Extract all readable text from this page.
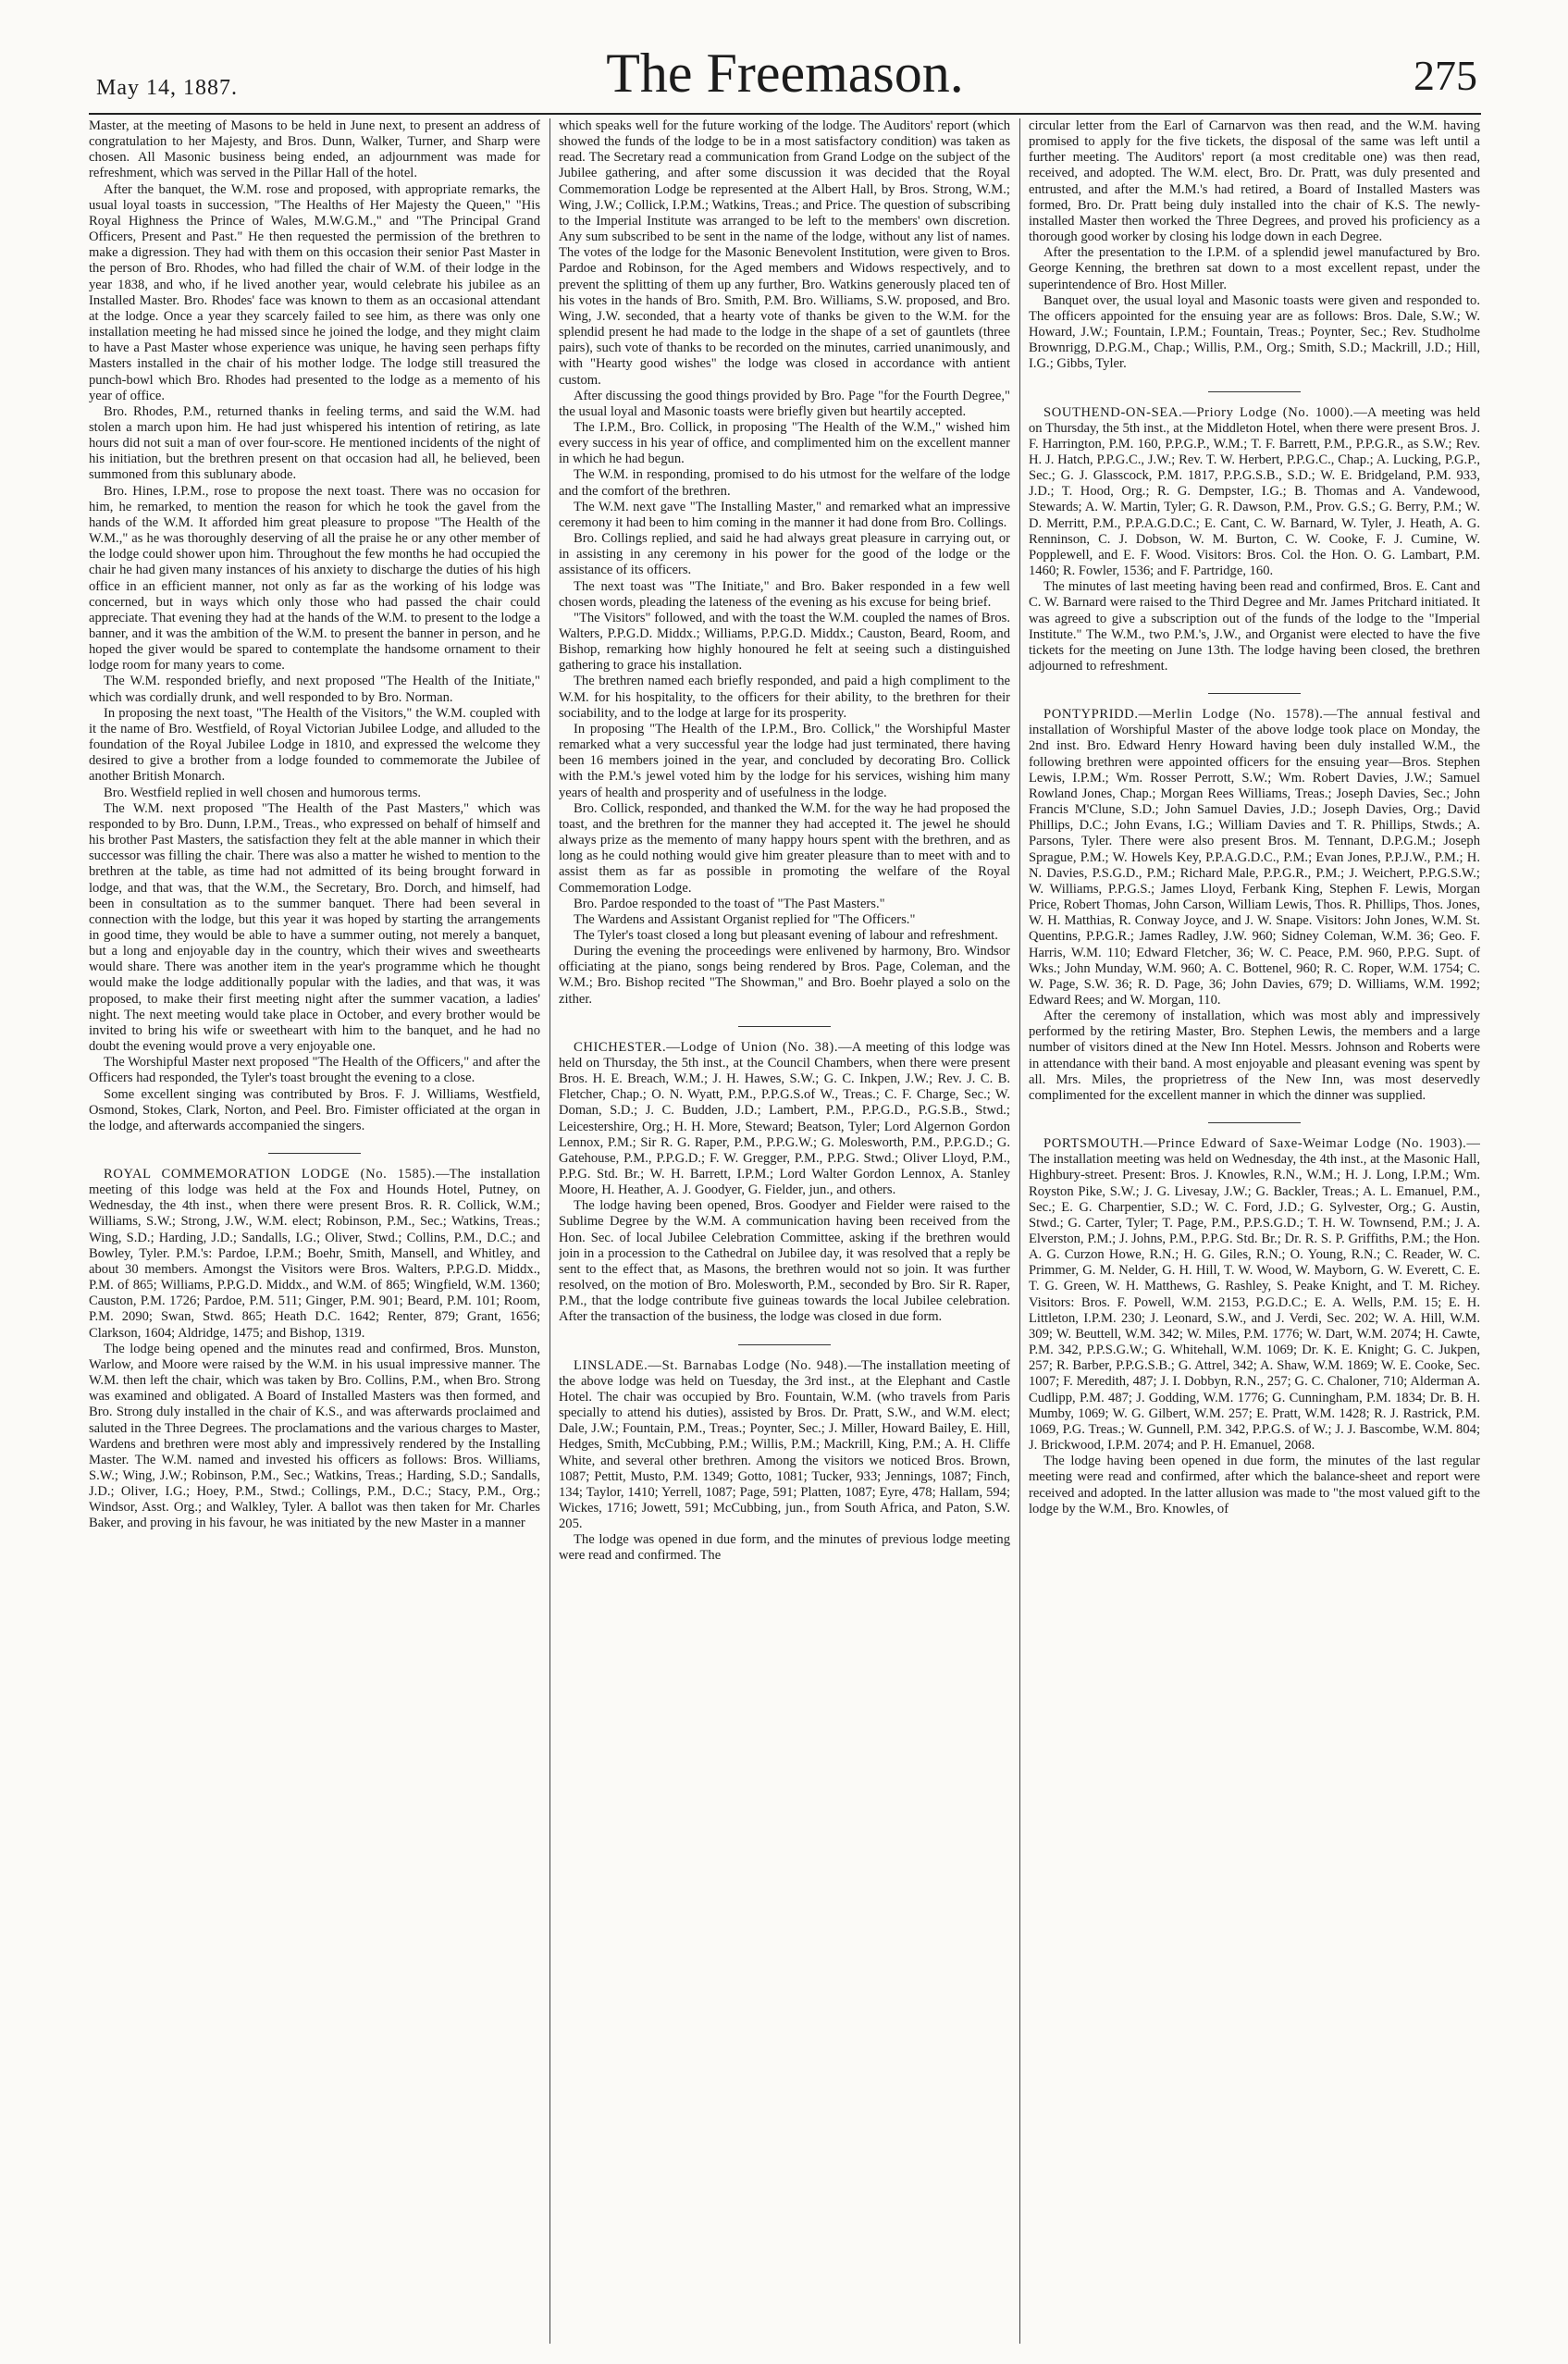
May 14, 1887.	The Freemason.	275

Master, at the meeting of Masons to be held in June next, to present an address of congratulation to her Majesty, and Bros. Dunn, Walker, Turner, and Sharp were chosen. All Masonic business being ended, an adjournment was made for refreshment, which was served in the Pillar Hall of the hotel.

After the banquet, the W.M. rose and proposed, with appropriate remarks, the usual loyal toasts in succession, "The Healths of Her Majesty the Queen," "His Royal Highness the Prince of Wales, M.W.G.M.," and "The Principal Grand Officers, Present and Past." He then requested the permission of the brethren to make a digression. They had with them on this occasion their senior Past Master in the person of Bro. Rhodes, who had filled the chair of W.M. of their lodge in the year 1838, and who, if he lived another year, would celebrate his jubilee as an Installed Master. Bro. Rhodes' face was known to them as an occasional attendant at the lodge. Once a year they scarcely failed to see him, as there was only one installation meeting he had missed since he joined the lodge, and they might claim to have a Past Master whose experience was unique, he having seen perhaps fifty Masters installed in the chair of his mother lodge. The lodge still treasured the punch-bowl which Bro. Rhodes had presented to the lodge as a memento of his year of office.

Bro. Rhodes, P.M., returned thanks in feeling terms, and said the W.M. had stolen a march upon him. He had just whispered his intention of retiring, as late hours did not suit a man of over four-score. He mentioned incidents of the night of his initiation, but the brethren present on that occasion had all, he believed, been summoned from this sublunary abode.

Bro. Hines, I.P.M., rose to propose the next toast. There was no occasion for him, he remarked, to mention the reason for which he took the gavel from the hands of the W.M. It afforded him great pleasure to propose "The Health of the W.M.," as he was thoroughly deserving of all the praise he or any other member of the lodge could shower upon him. Throughout the few months he had occupied the chair he had given many instances of his anxiety to discharge the duties of his high office in an efficient manner, not only as far as the working of his lodge was concerned, but in ways which only those who had passed the chair could appreciate. That evening they had at the hands of the W.M. to present to the lodge a banner, and it was the ambition of the W.M. to present the banner in person, and he hoped the giver would be spared to contemplate the handsome ornament to their lodge room for many years to come.

The W.M. responded briefly, and next proposed "The Health of the Initiate," which was cordially drunk, and well responded to by Bro. Norman.

In proposing the next toast, "The Health of the Visitors," the W.M. coupled with it the name of Bro. Westfield, of Royal Victorian Jubilee Lodge, and alluded to the foundation of the Royal Jubilee Lodge in 1810, and expressed the welcome they desired to give a brother from a lodge founded to commemorate the Jubilee of another British Monarch.

Bro. Westfield replied in well chosen and humorous terms.

The W.M. next proposed "The Health of the Past Masters," which was responded to by Bro. Dunn, I.P.M., Treas., who expressed on behalf of himself and his brother Past Masters, the satisfaction they felt at the able manner in which their successor was filling the chair. There was also a matter he wished to mention to the brethren at the table, as time had not admitted of its being brought forward in lodge, and that was, that the W.M., the Secretary, Bro. Dorch, and himself, had been in consultation as to the summer banquet. There had been several in connection with the lodge, but this year it was hoped by starting the arrangements in good time, they would be able to have a summer outing, not merely a banquet, but a long and enjoyable day in the country, which their wives and sweethearts would share. There was another item in the year's programme which he thought would make the lodge additionally popular with the ladies, and that was, it was proposed, to make their first meeting night after the summer vacation, a ladies' night. The next meeting would take place in October, and every brother would be invited to bring his wife or sweetheart with him to the banquet, and he had no doubt the evening would prove a very enjoyable one.

The Worshipful Master next proposed "The Health of the Officers," and after the Officers had responded, the Tyler's toast brought the evening to a close.

Some excellent singing was contributed by Bros. F. J. Williams, Westfield, Osmond, Stokes, Clark, Norton, and Peel. Bro. Fimister officiated at the organ in the lodge, and afterwards accompanied the singers.

ROYAL COMMEMORATION LODGE (No. 1585).—The installation meeting of this lodge was held at the Fox and Hounds Hotel, Putney, on Wednesday, the 4th inst., when there were present Bros. R. R. Collick, W.M.; Williams, S.W.; Strong, J.W., W.M. elect; Robinson, P.M., Sec.; Watkins, Treas.; Wing, S.D.; Harding, J.D.; Sandalls, I.G.; Oliver, Stwd.; Collins, P.M., D.C.; and Bowley, Tyler. P.M.'s: Pardoe, I.P.M.; Boehr, Smith, Mansell, and Whitley, and about 30 members. Amongst the Visitors were Bros. Walters, P.P.G.D. Middx., P.M. of 865; Williams, P.P.G.D. Middx., and W.M. of 865; Wingfield, W.M. 1360; Causton, P.M. 1726; Pardoe, P.M. 511; Ginger, P.M. 901; Beard, P.M. 101; Room, P.M. 2090; Swan, Stwd. 865; Heath D.C. 1642; Renter, 879; Grant, 1656; Clarkson, 1604; Aldridge, 1475; and Bishop, 1319.

The lodge being opened and the minutes read and confirmed, Bros. Munston, Warlow, and Moore were raised by the W.M. in his usual impressive manner. The W.M. then left the chair, which was taken by Bro. Collins, P.M., when Bro. Strong was examined and obligated. A Board of Installed Masters was then formed, and Bro. Strong duly installed in the chair of K.S., and was afterwards proclaimed and saluted in the Three Degrees. The proclamations and the various charges to Master, Wardens and brethren were most ably and impressively rendered by the Installing Master. The W.M. named and invested his officers as follows: Bros. Williams, S.W.; Wing, J.W.; Robinson, P.M., Sec.; Watkins, Treas.; Harding, S.D.; Sandalls, J.D.; Oliver, I.G.; Hoey, P.M., Stwd.; Collings, P.M., D.C.; Stacy, P.M., Org.; Windsor, Asst. Org.; and Walkley, Tyler. A ballot was then taken for Mr. Charles Baker, and proving in his favour, he was initiated by the new Master in a manner

which speaks well for the future working of the lodge. The Auditors' report (which showed the funds of the lodge to be in a most satisfactory condition) was taken as read. The Secretary read a communication from Grand Lodge on the subject of the Jubilee gathering, and after some discussion it was decided that the Royal Commemoration Lodge be represented at the Albert Hall, by Bros. Strong, W.M.; Wing, J.W.; Collick, I.P.M.; Watkins, Treas.; and Price. The question of subscribing to the Imperial Institute was arranged to be left to the members' own discretion. Any sum subscribed to be sent in the name of the lodge, without any list of names. The votes of the lodge for the Masonic Benevolent Institution, were given to Bros. Pardoe and Robinson, for the Aged members and Widows respectively, and to prevent the splitting of them up any further, Bro. Watkins generously placed ten of his votes in the hands of Bro. Smith, P.M. Bro. Williams, S.W. proposed, and Bro. Wing, J.W. seconded, that a hearty vote of thanks be given to the W.M. for the splendid present he had made to the lodge in the shape of a set of gauntlets (three pairs), such vote of thanks to be recorded on the minutes, carried unanimously, and with "Hearty good wishes" the lodge was closed in accordance with antient custom.

After discussing the good things provided by Bro. Page "for the Fourth Degree," the usual loyal and Masonic toasts were briefly given but heartily accepted.

The I.P.M., Bro. Collick, in proposing "The Health of the W.M.," wished him every success in his year of office, and complimented him on the excellent manner in which he had begun.

The W.M. in responding, promised to do his utmost for the welfare of the lodge and the comfort of the brethren.

The W.M. next gave "The Installing Master," and remarked what an impressive ceremony it had been to him coming in the manner it had done from Bro. Collings.

Bro. Collings replied, and said he had always great pleasure in carrying out, or in assisting in any ceremony in his power for the good of the lodge or the assistance of its officers.

The next toast was "The Initiate," and Bro. Baker responded in a few well chosen words, pleading the lateness of the evening as his excuse for being brief.

"The Visitors" followed, and with the toast the W.M. coupled the names of Bros. Walters, P.P.G.D. Middx.; Williams, P.P.G.D. Middx.; Causton, Beard, Room, and Bishop, remarking how highly honoured he felt at seeing such a distinguished gathering to grace his installation.

The brethren named each briefly responded, and paid a high compliment to the W.M. for his hospitality, to the officers for their ability, to the brethren for their sociability, and to the lodge at large for its prosperity.

In proposing "The Health of the I.P.M., Bro. Collick," the Worshipful Master remarked what a very successful year the lodge had just terminated, there having been 16 members joined in the year, and concluded by decorating Bro. Collick with the P.M.'s jewel voted him by the lodge for his services, wishing him many years of health and prosperity and of usefulness in the lodge.

Bro. Collick, responded, and thanked the W.M. for the way he had proposed the toast, and the brethren for the manner they had accepted it. The jewel he should always prize as the memento of many happy hours spent with the brethren, and as long as he could nothing would give him greater pleasure than to meet with and to assist them as far as possible in promoting the welfare of the Royal Commemoration Lodge.

Bro. Pardoe responded to the toast of "The Past Masters."

The Wardens and Assistant Organist replied for "The Officers."

The Tyler's toast closed a long but pleasant evening of labour and refreshment.

During the evening the proceedings were enlivened by harmony, Bro. Windsor officiating at the piano, songs being rendered by Bros. Page, Coleman, and the W.M.; Bro. Bishop recited "The Showman," and Bro. Boehr played a solo on the zither.

CHICHESTER.—Lodge of Union (No. 38).—A meeting of this lodge was held on Thursday, the 5th inst., at the Council Chambers, when there were present Bros. H. E. Breach, W.M.; J. H. Hawes, S.W.; G. C. Inkpen, J.W.; Rev. J. C. B. Fletcher, Chap.; O. N. Wyatt, P.M., P.P.G.S.of W., Treas.; C. F. Charge, Sec.; W. Doman, S.D.; J. C. Budden, J.D.; Lambert, P.M., P.P.G.D., P.G.S.B., Stwd.; Leicestershire, Org.; H. H. More, Steward; Beatson, Tyler; Lord Algernon Gordon Lennox, P.M.; Sir R. G. Raper, P.M., P.P.G.W.; G. Molesworth, P.M., P.P.G.D.; G. Gatehouse, P.M., P.P.G.D.; F. W. Gregger, P.M., P.P.G. Stwd.; Oliver Lloyd, P.M., P.P.G. Std. Br.; W. H. Barrett, I.P.M.; Lord Walter Gordon Lennox, A. Stanley Moore, H. Heather, A. J. Goodyer, G. Fielder, jun., and others.

The lodge having been opened, Bros. Goodyer and Fielder were raised to the Sublime Degree by the W.M. A communication having been received from the Hon. Sec. of local Jubilee Celebration Committee, asking if the brethren would join in a procession to the Cathedral on Jubilee day, it was resolved that a reply be sent to the effect that, as Masons, the brethren would not so join. It was further resolved, on the motion of Bro. Molesworth, P.M., seconded by Bro. Sir R. Raper, P.M., that the lodge contribute five guineas towards the local Jubilee celebration. After the transaction of the business, the lodge was closed in due form.

LINSLADE.—St. Barnabas Lodge (No. 948).—The installation meeting of the above lodge was held on Tuesday, the 3rd inst., at the Elephant and Castle Hotel. The chair was occupied by Bro. Fountain, W.M. (who travels from Paris specially to attend his duties), assisted by Bros. Dr. Pratt, S.W., and W.M. elect; Dale, J.W.; Fountain, P.M., Treas.; Poynter, Sec.; J. Miller, Howard Bailey, E. Hill, Hedges, Smith, McCubbing, P.M.; Willis, P.M.; Mackrill, King, P.M.; A. H. Cliffe White, and several other brethren. Among the visitors we noticed Bros. Brown, 1087; Pettit, Musto, P.M. 1349; Gotto, 1081; Tucker, 933; Jennings, 1087; Finch, 134; Taylor, 1410; Yerrell, 1087; Page, 591; Platten, 1087; Eyre, 478; Hallam, 594; Wickes, 1716; Jowett, 591; McCubbing, jun., from South Africa, and Paton, S.W. 205.

The lodge was opened in due form, and the minutes of previous lodge meeting were read and confirmed. The

circular letter from the Earl of Carnarvon was then read, and the W.M. having promised to apply for the five tickets, the disposal of the same was left until a further meeting. The Auditors' report (a most creditable one) was then read, received, and adopted. The W.M. elect, Bro. Dr. Pratt, was duly presented and entrusted, and after the M.M.'s had retired, a Board of Installed Masters was formed, Bro. Dr. Pratt being duly installed into the chair of K.S. The newly-installed Master then worked the Three Degrees, and proved his proficiency as a thorough good worker by closing his lodge down in each Degree.

After the presentation to the I.P.M. of a splendid jewel manufactured by Bro. George Kenning, the brethren sat down to a most excellent repast, under the superintendence of Bro. Host Miller.

Banquet over, the usual loyal and Masonic toasts were given and responded to. The officers appointed for the ensuing year are as follows: Bros. Dale, S.W.; W. Howard, J.W.; Fountain, I.P.M.; Fountain, Treas.; Poynter, Sec.; Rev. Studholme Brownrigg, D.P.G.M., Chap.; Willis, P.M., Org.; Smith, S.D.; Mackrill, J.D.; Hill, I.G.; Gibbs, Tyler.

SOUTHEND-ON-SEA.—Priory Lodge (No. 1000).—A meeting was held on Thursday, the 5th inst., at the Middleton Hotel, when there were present Bros. J. F. Harrington, P.M. 160, P.P.G.P., W.M.; T. F. Barrett, P.M., P.P.G.R., as S.W.; Rev. H. J. Hatch, P.P.G.C., J.W.; Rev. T. W. Herbert, P.P.G.C., Chap.; A. Lucking, P.G.P., Sec.; G. J. Glasscock, P.M. 1817, P.P.G.S.B., S.D.; W. E. Bridgeland, P.M. 933, J.D.; T. Hood, Org.; R. G. Dempster, I.G.; B. Thomas and A. Vandewood, Stewards; A. W. Martin, Tyler; G. R. Dawson, P.M., Prov. G.S.; G. Berry, P.M.; W. D. Merritt, P.M., P.P.A.G.D.C.; E. Cant, C. W. Barnard, W. Tyler, J. Heath, A. G. Renninson, C. J. Dobson, W. M. Burton, C. W. Cooke, F. J. Cumine, W. Popplewell, and E. F. Wood. Visitors: Bros. Col. the Hon. O. G. Lambart, P.M. 1460; R. Fowler, 1536; and F. Partridge, 160.

The minutes of last meeting having been read and confirmed, Bros. E. Cant and C. W. Barnard were raised to the Third Degree and Mr. James Pritchard initiated. It was agreed to give a subscription out of the funds of the lodge to the "Imperial Institute." The W.M., two P.M.'s, J.W., and Organist were elected to have the five tickets for the meeting on June 13th. The lodge having been closed, the brethren adjourned to refreshment.

PONTYPRIDD.—Merlin Lodge (No. 1578).—The annual festival and installation of Worshipful Master of the above lodge took place on Monday, the 2nd inst. Bro. Edward Henry Howard having been duly installed W.M., the following brethren were appointed officers for the ensuing year—Bros. Stephen Lewis, I.P.M.; Wm. Rosser Perrott, S.W.; Wm. Robert Davies, J.W.; Samuel Rowland Jones, Chap.; Morgan Rees Williams, Treas.; Joseph Davies, Sec.; John Francis M'Clune, S.D.; John Samuel Davies, J.D.; Joseph Davies, Org.; David Phillips, D.C.; John Evans, I.G.; William Davies and T. R. Phillips, Stwds.; A. Parsons, Tyler. There were also present Bros. M. Tennant, D.P.G.M.; Joseph Sprague, P.M.; W. Howels Key, P.P.A.G.D.C., P.M.; Evan Jones, P.P.J.W., P.M.; H. N. Davies, P.S.G.D., P.M.; Richard Male, P.P.G.R., P.M.; J. Weichert, P.P.G.S.W.; W. Williams, P.P.G.S.; James Lloyd, Ferbank King, Stephen F. Lewis, Morgan Price, Robert Thomas, John Carson, William Lewis, Thos. R. Phillips, Thos. Jones, W. H. Matthias, R. Conway Joyce, and J. W. Snape. Visitors: John Jones, W.M. St. Quentins, P.P.G.R.; James Radley, J.W. 960; Sidney Coleman, W.M. 36; Geo. F. Harris, W.M. 110; Edward Fletcher, 36; W. C. Peace, P.M. 960, P.P.G. Supt. of Wks.; John Munday, W.M. 960; A. C. Bottenel, 960; R. C. Roper, W.M. 1754; C. W. Page, S.W. 36; R. D. Page, 36; John Davies, 679; D. Williams, W.M. 1992; Edward Rees; and W. Morgan, 110.

After the ceremony of installation, which was most ably and impressively performed by the retiring Master, Bro. Stephen Lewis, the members and a large number of visitors dined at the New Inn Hotel. Messrs. Johnson and Roberts were in attendance with their band. A most enjoyable and pleasant evening was spent by all. Mrs. Miles, the proprietress of the New Inn, was most deservedly complimented for the excellent manner in which the dinner was supplied.

PORTSMOUTH.—Prince Edward of Saxe-Weimar Lodge (No. 1903).—The installation meeting was held on Wednesday, the 4th inst., at the Masonic Hall, Highbury-street. Present: Bros. J. Knowles, R.N., W.M.; H. J. Long, I.P.M.; Wm. Royston Pike, S.W.; J. G. Livesay, J.W.; G. Backler, Treas.; A. L. Emanuel, P.M., Sec.; E. G. Charpentier, S.D.; W. C. Ford, J.D.; G. Sylvester, Org.; G. Austin, Stwd.; G. Carter, Tyler; T. Page, P.M., P.P.S.G.D.; T. H. W. Townsend, P.M.; J. A. Elverston, P.M.; J. Johns, P.M., P.P.G. Std. Br.; Dr. R. S. P. Griffiths, P.M.; the Hon. A. G. Curzon Howe, R.N.; H. G. Giles, R.N.; O. Young, R.N.; C. Reader, W. C. Primmer, G. M. Nelder, G. H. Hill, T. W. Wood, W. Mayborn, G. W. Everett, C. E. T. G. Green, W. H. Matthews, G. Rashley, S. Peake Knight, and T. M. Richey. Visitors: Bros. F. Powell, W.M. 2153, P.G.D.C.; E. A. Wells, P.M. 15; E. H. Littleton, I.P.M. 230; J. Leonard, S.W., and J. Verdi, Sec. 202; W. A. Hill, W.M. 309; W. Beuttell, W.M. 342; W. Miles, P.M. 1776; W. Dart, W.M. 2074; H. Cawte, P.M. 342, P.P.S.G.W.; G. Whitehall, W.M. 1069; Dr. K. E. Knight; G. C. Jukpen, 257; R. Barber, P.P.G.S.B.; G. Attrel, 342; A. Shaw, W.M. 1869; W. E. Cooke, Sec. 1007; F. Meredith, 487; J. I. Dobbyn, R.N., 257; G. C. Chaloner, 710; Alderman A. Cudlipp, P.M. 487; J. Godding, W.M. 1776; G. Cunningham, P.M. 1834; Dr. B. H. Mumby, 1069; W. G. Gilbert, W.M. 257; E. Pratt, W.M. 1428; R. J. Rastrick, P.M. 1069, P.G. Treas.; W. Gunnell, P.M. 342, P.P.G.S. of W.; J. J. Bascombe, W.M. 804; J. Brickwood, I.P.M. 2074; and P. H. Emanuel, 2068.

The lodge having been opened in due form, the minutes of the last regular meeting were read and confirmed, after which the balance-sheet and report were received and adopted. In the latter allusion was made to "the most valued gift to the lodge by the W.M., Bro. Knowles, of
